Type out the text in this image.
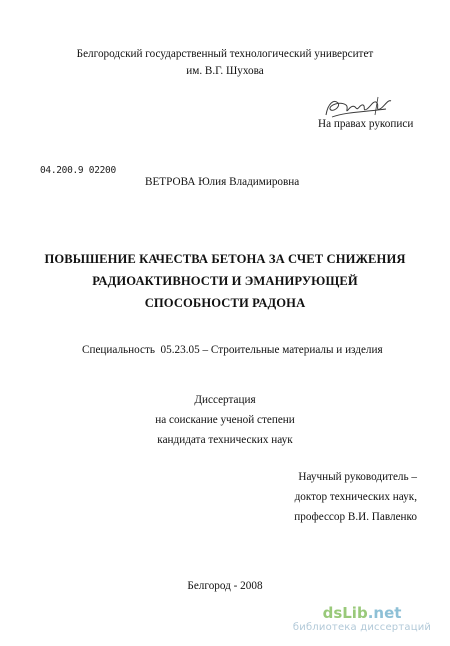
Белгородский государственный технологический университет
им. В.Г. Шухова
На правах рукописи
04.200.9 02200
ВЕТРОВА Юлия Владимировна
ПОВЫШЕНИЕ КАЧЕСТВА БЕТОНА ЗА СЧЕТ СНИЖЕНИЯ
РАДИОАКТИВНОСТИ И ЭМАНИРУЮЩЕЙ
СПОСОБНОСТИ РАДОНА
Специальность  05.23.05 – Строительные материалы и изделия
Диссертация
на соискание ученой степени
кандидата технических наук
Научный руководитель –
доктор технических наук,
профессор В.И. Павленко
Белгород - 2008
dsLib.net
библиотека диссертаций
